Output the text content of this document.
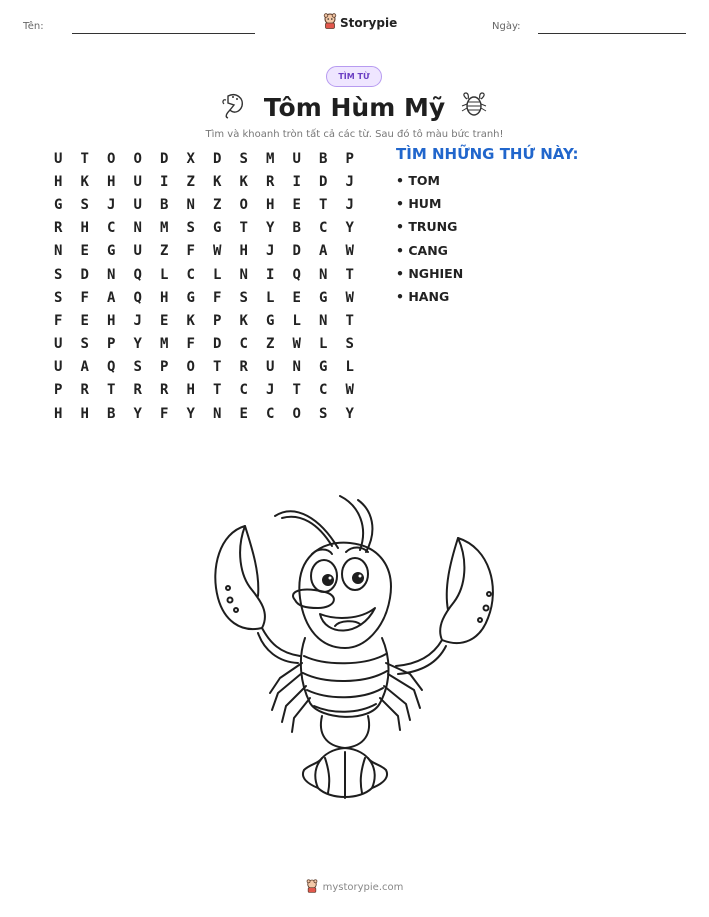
Tên:	Storypie	Ngày:
TÌM TỪ
Tôm Hùm Mỹ
Tìm và khoanh tròn tất cả các từ. Sau đó tô màu bức tranh!
U	T	O	O	D	X	D	S	M	U	B	P
H	K	H	U	I	Z	K	K	R	I	D	J
G	S	J	U	B	N	Z	O	H	E	T	J
R	H	C	N	M	S	G	T	Y	B	C	Y
N	E	G	U	Z	F	W	H	J	D	A	W
S	D	N	Q	L	C	L	N	I	Q	N	T
S	F	A	Q	H	G	F	S	L	E	G	W
F	E	H	J	E	K	P	K	G	L	N	T
U	S	P	Y	M	F	D	C	Z	W	L	S
U	A	Q	S	P	O	T	R	U	N	G	L
P	R	T	R	R	H	T	C	J	T	C	W
H	H	B	Y	F	Y	N	E	C	O	S	Y
TÌM NHỮNG THỨ NÀY:
• TOM
• HUM
• TRUNG
• CANG
• NGHIEN
• HANG
mystorypie.com
